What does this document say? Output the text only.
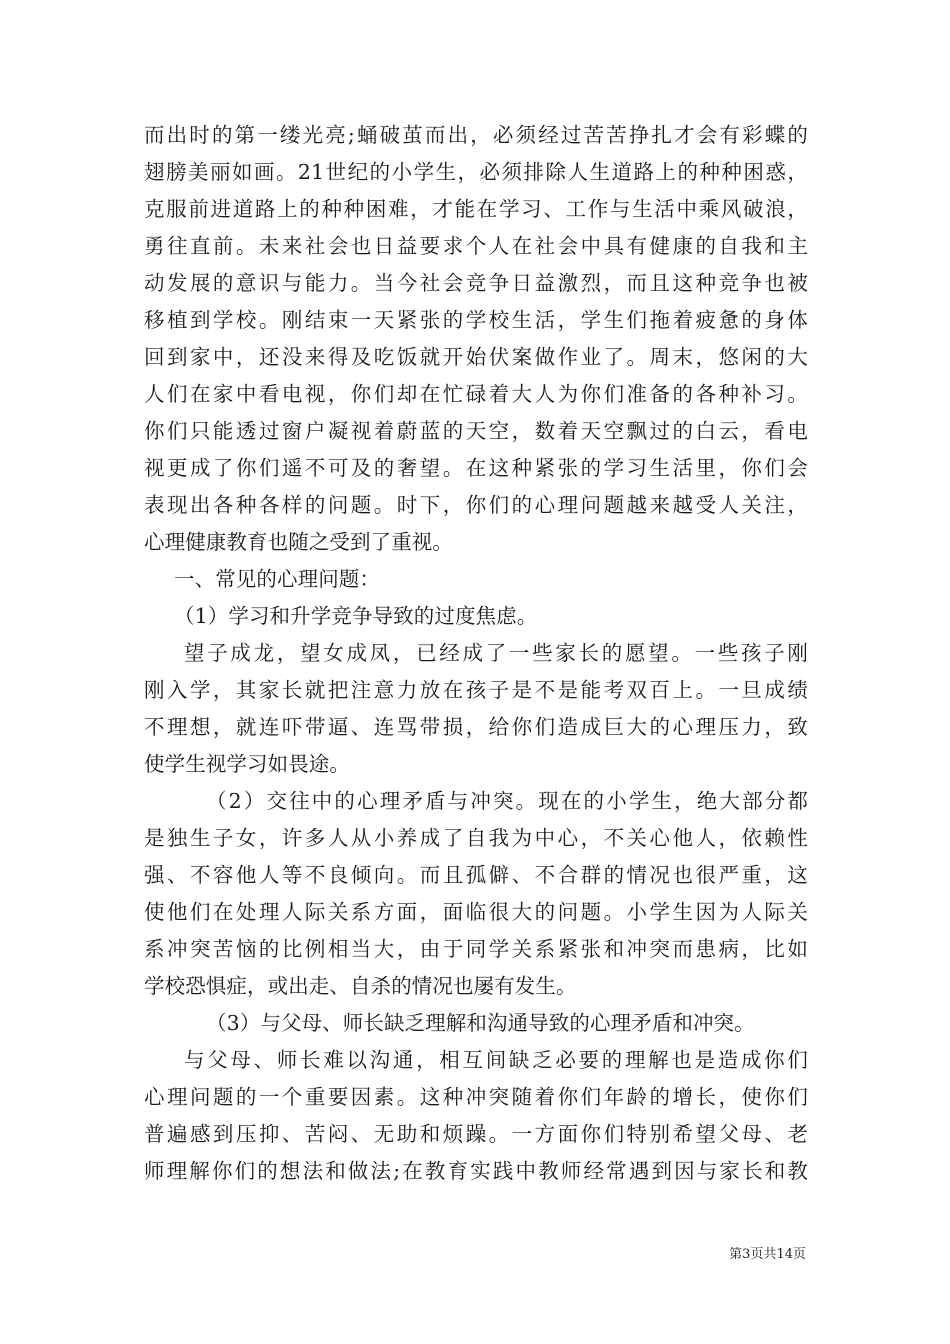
而出时的第一缕光亮;蛹破茧而出，必须经过苦苦挣扎才会有彩蝶的
翅膀美丽如画。21世纪的小学生，必须排除人生道路上的种种困惑，
克服前进道路上的种种困难，才能在学习、工作与生活中乘风破浪，
勇往直前。未来社会也日益要求个人在社会中具有健康的自我和主
动发展的意识与能力。当今社会竞争日益激烈，而且这种竞争也被
移植到学校。刚结束一天紧张的学校生活，学生们拖着疲惫的身体
回到家中，还没来得及吃饭就开始伏案做作业了。周末，悠闲的大
人们在家中看电视，你们却在忙碌着大人为你们准备的各种补习。
你们只能透过窗户凝视着蔚蓝的天空，数着天空飘过的白云，看电
视更成了你们遥不可及的奢望。在这种紧张的学习生活里，你们会
表现出各种各样的问题。时下，你们的心理问题越来越受人关注，
心理健康教育也随之受到了重视。
一、常见的心理问题：
（1）学习和升学竞争导致的过度焦虑。
望子成龙，望女成凤，已经成了一些家长的愿望。一些孩子刚
刚入学，其家长就把注意力放在孩子是不是能考双百上。一旦成绩
不理想，就连吓带逼、连骂带损，给你们造成巨大的心理压力，致
使学生视学习如畏途。
（2）交往中的心理矛盾与冲突。现在的小学生，绝大部分都
是独生子女，许多人从小养成了自我为中心，不关心他人，依赖性
强、不容他人等不良倾向。而且孤僻、不合群的情况也很严重，这
使他们在处理人际关系方面，面临很大的问题。小学生因为人际关
系冲突苦恼的比例相当大，由于同学关系紧张和冲突而患病，比如
学校恐惧症，或出走、自杀的情况也屡有发生。
（3）与父母、师长缺乏理解和沟通导致的心理矛盾和冲突。
与父母、师长难以沟通，相互间缺乏必要的理解也是造成你们
心理问题的一个重要因素。这种冲突随着你们年龄的增长，使你们
普遍感到压抑、苦闷、无助和烦躁。一方面你们特别希望父母、老
师理解你们的想法和做法;在教育实践中教师经常遇到因与家长和教
第3页共14页
